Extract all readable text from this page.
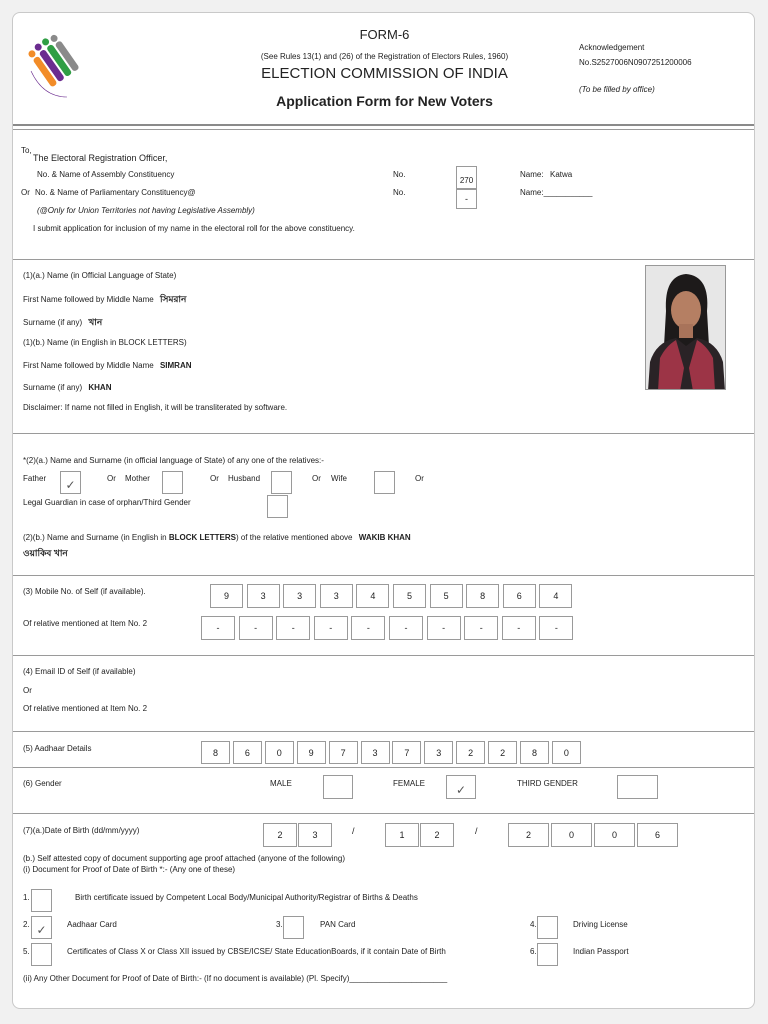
FORM-6
(See Rules 13(1) and (26) of the Registration of Electors Rules, 1960)
ELECTION COMMISSION OF INDIA
Application Form for New Voters
Acknowledgement
No.S2527006N0907251200006
(To be filled by office)
To,
The Electoral Registration Officer,
No. & Name of Assembly Constituency	No.
270
Name: Katwa
Or No. & Name of Parliamentary Constituency@	No.
-
Name:___________
(@Only for Union Territories not having Legislative Assembly)
I submit application for inclusion of my name in the electoral roll for the above constituency.
(1)(a.) Name (in Official Language of State)
First Name followed by Middle Name সিমরান
Surname (if any) খান
(1)(b.) Name (in English in BLOCK LETTERS)
First Name followed by Middle Name SIMRAN
Surname (if any) KHAN
Disclaimer: If name not filled in English, it will be transliterated by software.
*(2)(a.) Name and Surname (in official language of State) of any one of the relatives:-
Father	✓	Or Mother	Or Husband	Or Wife	Or
Legal Guardian in case of orphan/Third Gender
(2)(b.) Name and Surname (in English in BLOCK LETTERS) of the relative mentioned above WAKIB KHAN
ওয়াকিব খান
(3) Mobile No. of Self (if available).	9	3	3	3	4	5	5	8	6	4
Of relative mentioned at Item No. 2	-	-	-	-	-	-	-	-	-	-
(4) Email ID of Self (if available)
Or
Of relative mentioned at Item No. 2
(5) Aadhaar Details	8	6	0	9	7	3	7	3	2	2	8	0
(6) Gender	MALE	FEMALE	✓	THIRD GENDER
(7)(a.)Date of Birth (dd/mm/yyyy)	2	3	1	2	2	0	0	6
/	/
(b.) Self attested copy of document supporting age proof attached (anyone of the following)
(i) Document for Proof of Date of Birth *:- (Any one of these)
1.	Birth certificate issued by Competent Local Body/Municipal Authority/Registrar of Births & Deaths
2. ✓	Aadhaar Card	3.	PAN Card	4.	Driving License
5.	Certificates of Class X or Class XII issued by CBSE/ICSE/ State EducationBoards, if it contain Date of Birth	6.	Indian Passport
(ii) Any Other Document for Proof of Date of Birth:- (If no document is available) (Pl. Specify)______________________
